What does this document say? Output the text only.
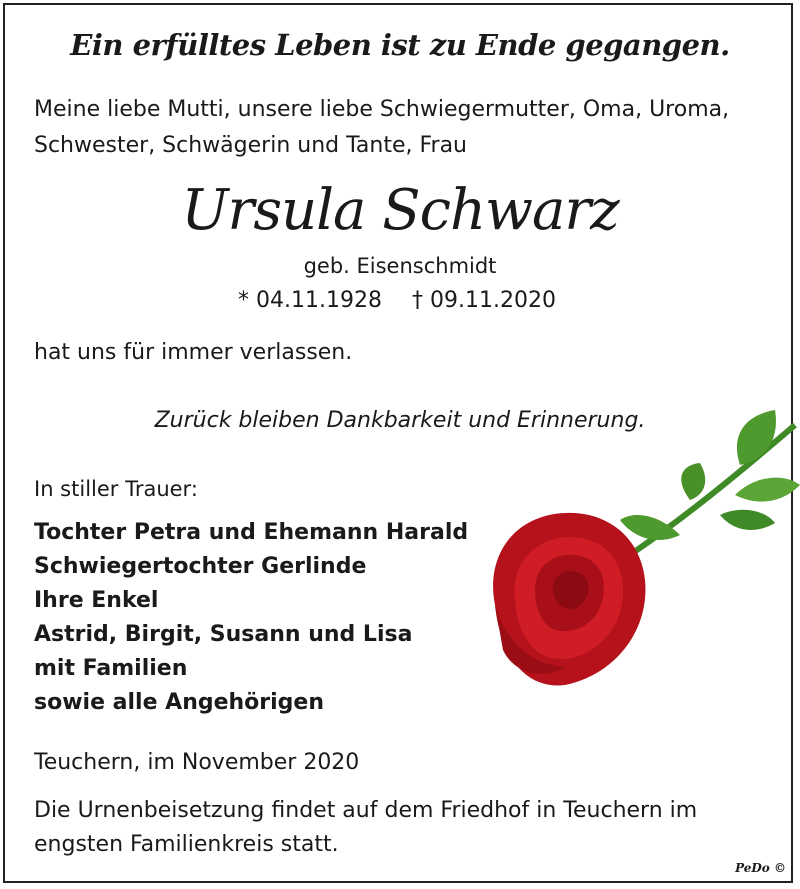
Ein erfülltes Leben ist zu Ende gegangen.
Meine liebe Mutti, unsere liebe Schwiegermutter, Oma, Uroma, Schwester, Schwägerin und Tante, Frau
Ursula Schwarz
geb. Eisenschmidt
* 04.11.1928 † 09.11.2020
hat uns für immer verlassen.
Zurück bleiben Dankbarkeit und Erinnerung.
In stiller Trauer:
Tochter Petra und Ehemann Harald
Schwiegertochter Gerlinde
Ihre Enkel
Astrid, Birgit, Susann und Lisa
mit Familien
sowie alle Angehörigen
Teuchern, im November 2020
Die Urnenbeisetzung findet auf dem Friedhof in Teuchern im engsten Familienkreis statt.
PeDo ©
